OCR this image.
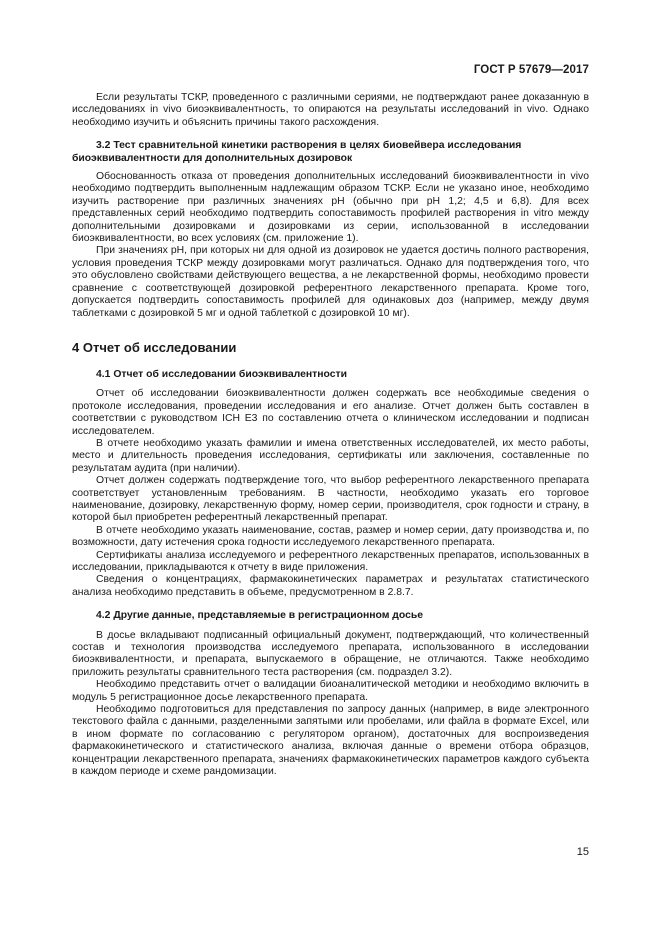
ГОСТ Р 57679—2017

Если результаты ТСКР, проведенного с различными сериями, не подтверждают ранее доказанную в исследованиях in vivo биоэквивалентность, то опираются на результаты исследований in vivo. Однако необходимо изучить и объяснить причины такого расхождения.

3.2 Тест сравнительной кинетики растворения в целях биовейвера исследования биоэквивалентности для дополнительных дозировок

Обоснованность отказа от проведения дополнительных исследований биоэквивалентности in vivo необходимо подтвердить выполненным надлежащим образом ТСКР. Если не указано иное, необходимо изучить растворение при различных значениях pH (обычно при pH 1,2; 4,5 и 6,8). Для всех представленных серий необходимо подтвердить сопоставимость профилей растворения in vitro между дополнительными дозировками и дозировками из серии, использованной в исследовании биоэквивалентности, во всех условиях (см. приложение 1).

При значениях pH, при которых ни для одной из дозировок не удается достичь полного растворения, условия проведения ТСКР между дозировками могут различаться. Однако для подтверждения того, что это обусловлено свойствами действующего вещества, а не лекарственной формы, необходимо провести сравнение с соответствующей дозировкой референтного лекарственного препарата. Кроме того, допускается подтвердить сопоставимость профилей для одинаковых доз (например, между двумя таблетками с дозировкой 5 мг и одной таблеткой с дозировкой 10 мг).

4 Отчет об исследовании
4.1 Отчет об исследовании биоэквивалентности

Отчет об исследовании биоэквивалентности должен содержать все необходимые сведения о протоколе исследования, проведении исследования и его анализе. Отчет должен быть составлен в соответствии с руководством ICH E3 по составлению отчета о клиническом исследовании и подписан исследователем.

В отчете необходимо указать фамилии и имена ответственных исследователей, их место работы, место и длительность проведения исследования, сертификаты или заключения, составленные по результатам аудита (при наличии).

Отчет должен содержать подтверждение того, что выбор референтного лекарственного препарата соответствует установленным требованиям. В частности, необходимо указать его торговое наименование, дозировку, лекарственную форму, номер серии, производителя, срок годности и страну, в которой был приобретен референтный лекарственный препарат.

В отчете необходимо указать наименование, состав, размер и номер серии, дату производства и, по возможности, дату истечения срока годности исследуемого лекарственного препарата.

Сертификаты анализа исследуемого и референтного лекарственных препаратов, использованных в исследовании, прикладываются к отчету в виде приложения.

Сведения о концентрациях, фармакокинетических параметрах и результатах статистического анализа необходимо представить в объеме, предусмотренном в 2.8.7.

4.2 Другие данные, представляемые в регистрационном досье

В досье вкладывают подписанный официальный документ, подтверждающий, что количественный состав и технология производства исследуемого препарата, использованного в исследовании биоэквивалентности, и препарата, выпускаемого в обращение, не отличаются. Также необходимо приложить результаты сравнительного теста растворения (см. подраздел 3.2).

Необходимо представить отчет о валидации биоаналитической методики и необходимо включить в модуль 5 регистрационное досье лекарственного препарата.

Необходимо подготовиться для представления по запросу данных (например, в виде электронного текстового файла с данными, разделенными запятыми или пробелами, или файла в формате Excel, или в ином формате по согласованию с регулятором органом), достаточных для воспроизведения фармакокинетического и статистического анализа, включая данные о времени отбора образцов, концентрации лекарственного препарата, значениях фармакокинетических параметров каждого субъекта в каждом периоде и схеме рандомизации.

15
